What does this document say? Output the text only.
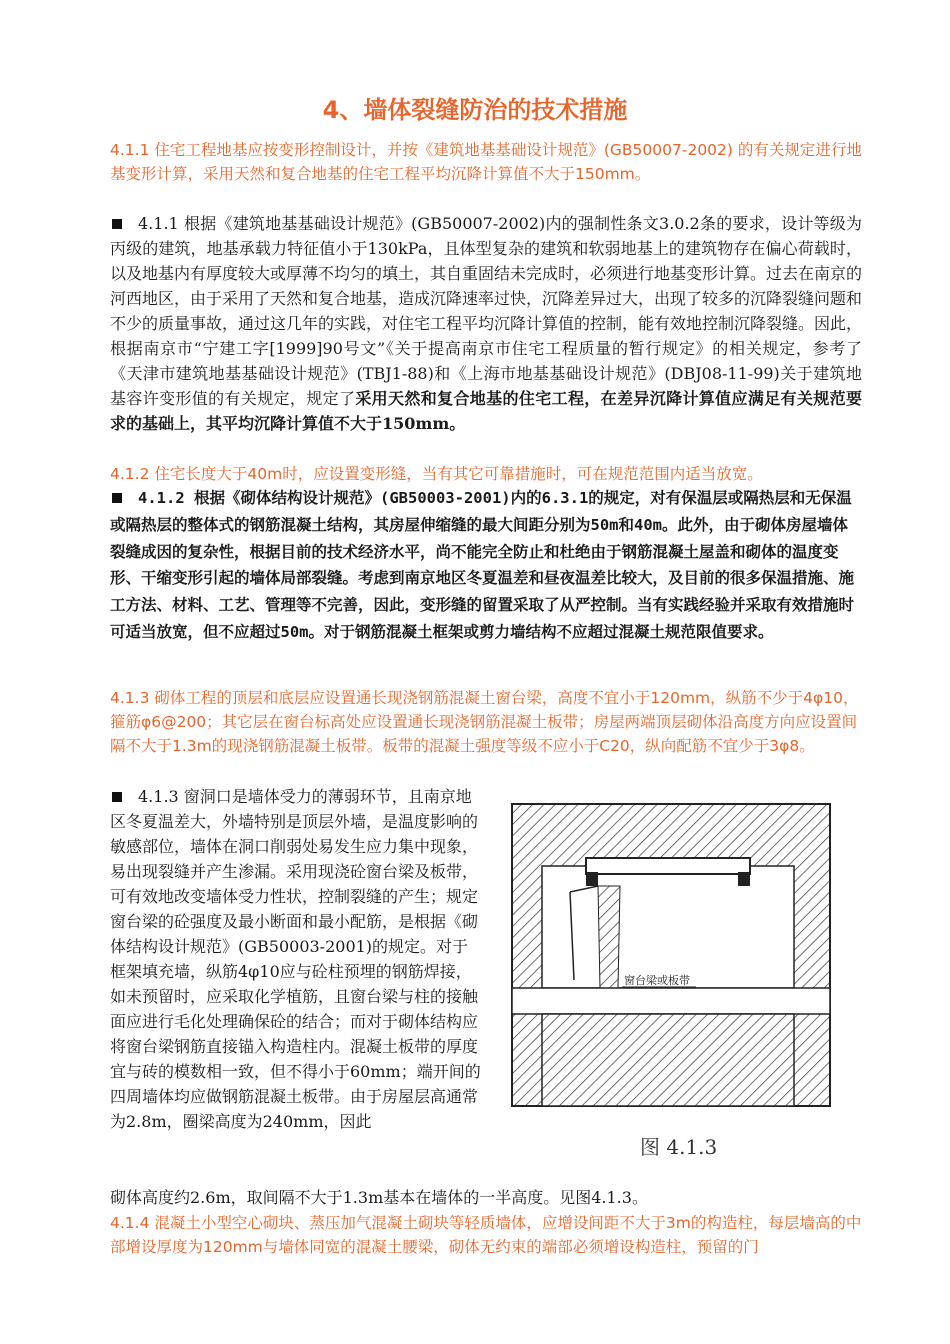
4、墙体裂缝防治的技术措施

4.1.1 住宅工程地基应按变形控制设计，并按《建筑地基基础设计规范》(GB50007-2002) 的有关规定进行地基变形计算，采用天然和复合地基的住宅工程平均沉降计算值不大于150mm。

4.1.1 根据《建筑地基基础设计规范》(GB50007-2002)内的强制性条文3.0.2条的要求，设计等级为丙级的建筑，地基承载力特征值小于130kPa，且体型复杂的建筑和软弱地基上的建筑物存在偏心荷载时，以及地基内有厚度较大或厚薄不均匀的填土，其自重固结未完成时，必须进行地基变形计算。过去在南京的河西地区，由于采用了天然和复合地基，造成沉降速率过快，沉降差异过大，出现了较多的沉降裂缝问题和不少的质量事故，通过这几年的实践，对住宅工程平均沉降计算值的控制，能有效地控制沉降裂缝。因此，根据南京市“宁建工字[1999]90号文”《关于提高南京市住宅工程质量的暂行规定》的相关规定，参考了《天津市建筑地基基础设计规范》(TBJ1-88)和《上海市地基基础设计规范》(DBJ08-11-99)关于建筑地基容许变形值的有关规定，规定了采用天然和复合地基的住宅工程，在差异沉降计算值应满足有关规范要求的基础上，其平均沉降计算值不大于150mm。

4.1.2 住宅长度大于40m时，应设置变形缝，当有其它可靠措施时，可在规范范围内适当放宽。

4.1.2 根据《砌体结构设计规范》(GB50003-2001)内的6.3.1的规定，对有保温层或隔热层和无保温或隔热层的整体式的钢筋混凝土结构，其房屋伸缩缝的最大间距分别为50m和40m。此外，由于砌体房屋墙体裂缝成因的复杂性，根据目前的技术经济水平，尚不能完全防止和杜绝由于钢筋混凝土屋盖和砌体的温度变形、干缩变形引起的墙体局部裂缝。考虑到南京地区冬夏温差和昼夜温差比较大，及目前的很多保温措施、施工方法、材料、工艺、管理等不完善，因此，变形缝的留置采取了从严控制。当有实践经验并采取有效措施时可适当放宽，但不应超过50m。对于钢筋混凝土框架或剪力墙结构不应超过混凝土规范限值要求。

4.1.3 砌体工程的顶层和底层应设置通长现浇钢筋混凝土窗台梁，高度不宜小于120mm，纵筋不少于4φ10，箍筋φ6@200；其它层在窗台标高处应设置通长现浇钢筋混凝土板带；房屋两端顶层砌体沿高度方向应设置间隔不大于1.3m的现浇钢筋混凝土板带。板带的混凝土强度等级不应小于C20，纵向配筋不宜少于3φ8。

4.1.3 窗洞口是墙体受力的薄弱环节，且南京地区冬夏温差大，外墙特别是顶层外墙，是温度影响的敏感部位，墙体在洞口削弱处易发生应力集中现象，易出现裂缝并产生渗漏。采用现浇砼窗台梁及板带，可有效地改变墙体受力性状，控制裂缝的产生；规定窗台梁的砼强度及最小断面和最小配筋，是根据《砌体结构设计规范》(GB50003-2001)的规定。对于框架填充墙，纵筋4φ10应与砼柱预埋的钢筋焊接，如未预留时，应采取化学植筋，且窗台梁与柱的接触面应进行毛化处理确保砼的结合；而对于砌体结构应将窗台梁钢筋直接锚入构造柱内。混凝土板带的厚度宜与砖的模数相一致，但不得小于60mm；端开间的四周墙体均应做钢筋混凝土板带。由于房屋层高通常为2.8m，圈梁高度为240mm，因此

窗台梁或板带
图 4.1.3

砌体高度约2.6m，取间隔不大于1.3m基本在墙体的一半高度。见图4.1.3。

4.1.4 混凝土小型空心砌块、蒸压加气混凝土砌块等轻质墙体，应增设间距不大于3m的构造柱，每层墙高的中部增设厚度为120mm与墙体同宽的混凝土腰梁，砌体无约束的端部必须增设构造柱，预留的门
